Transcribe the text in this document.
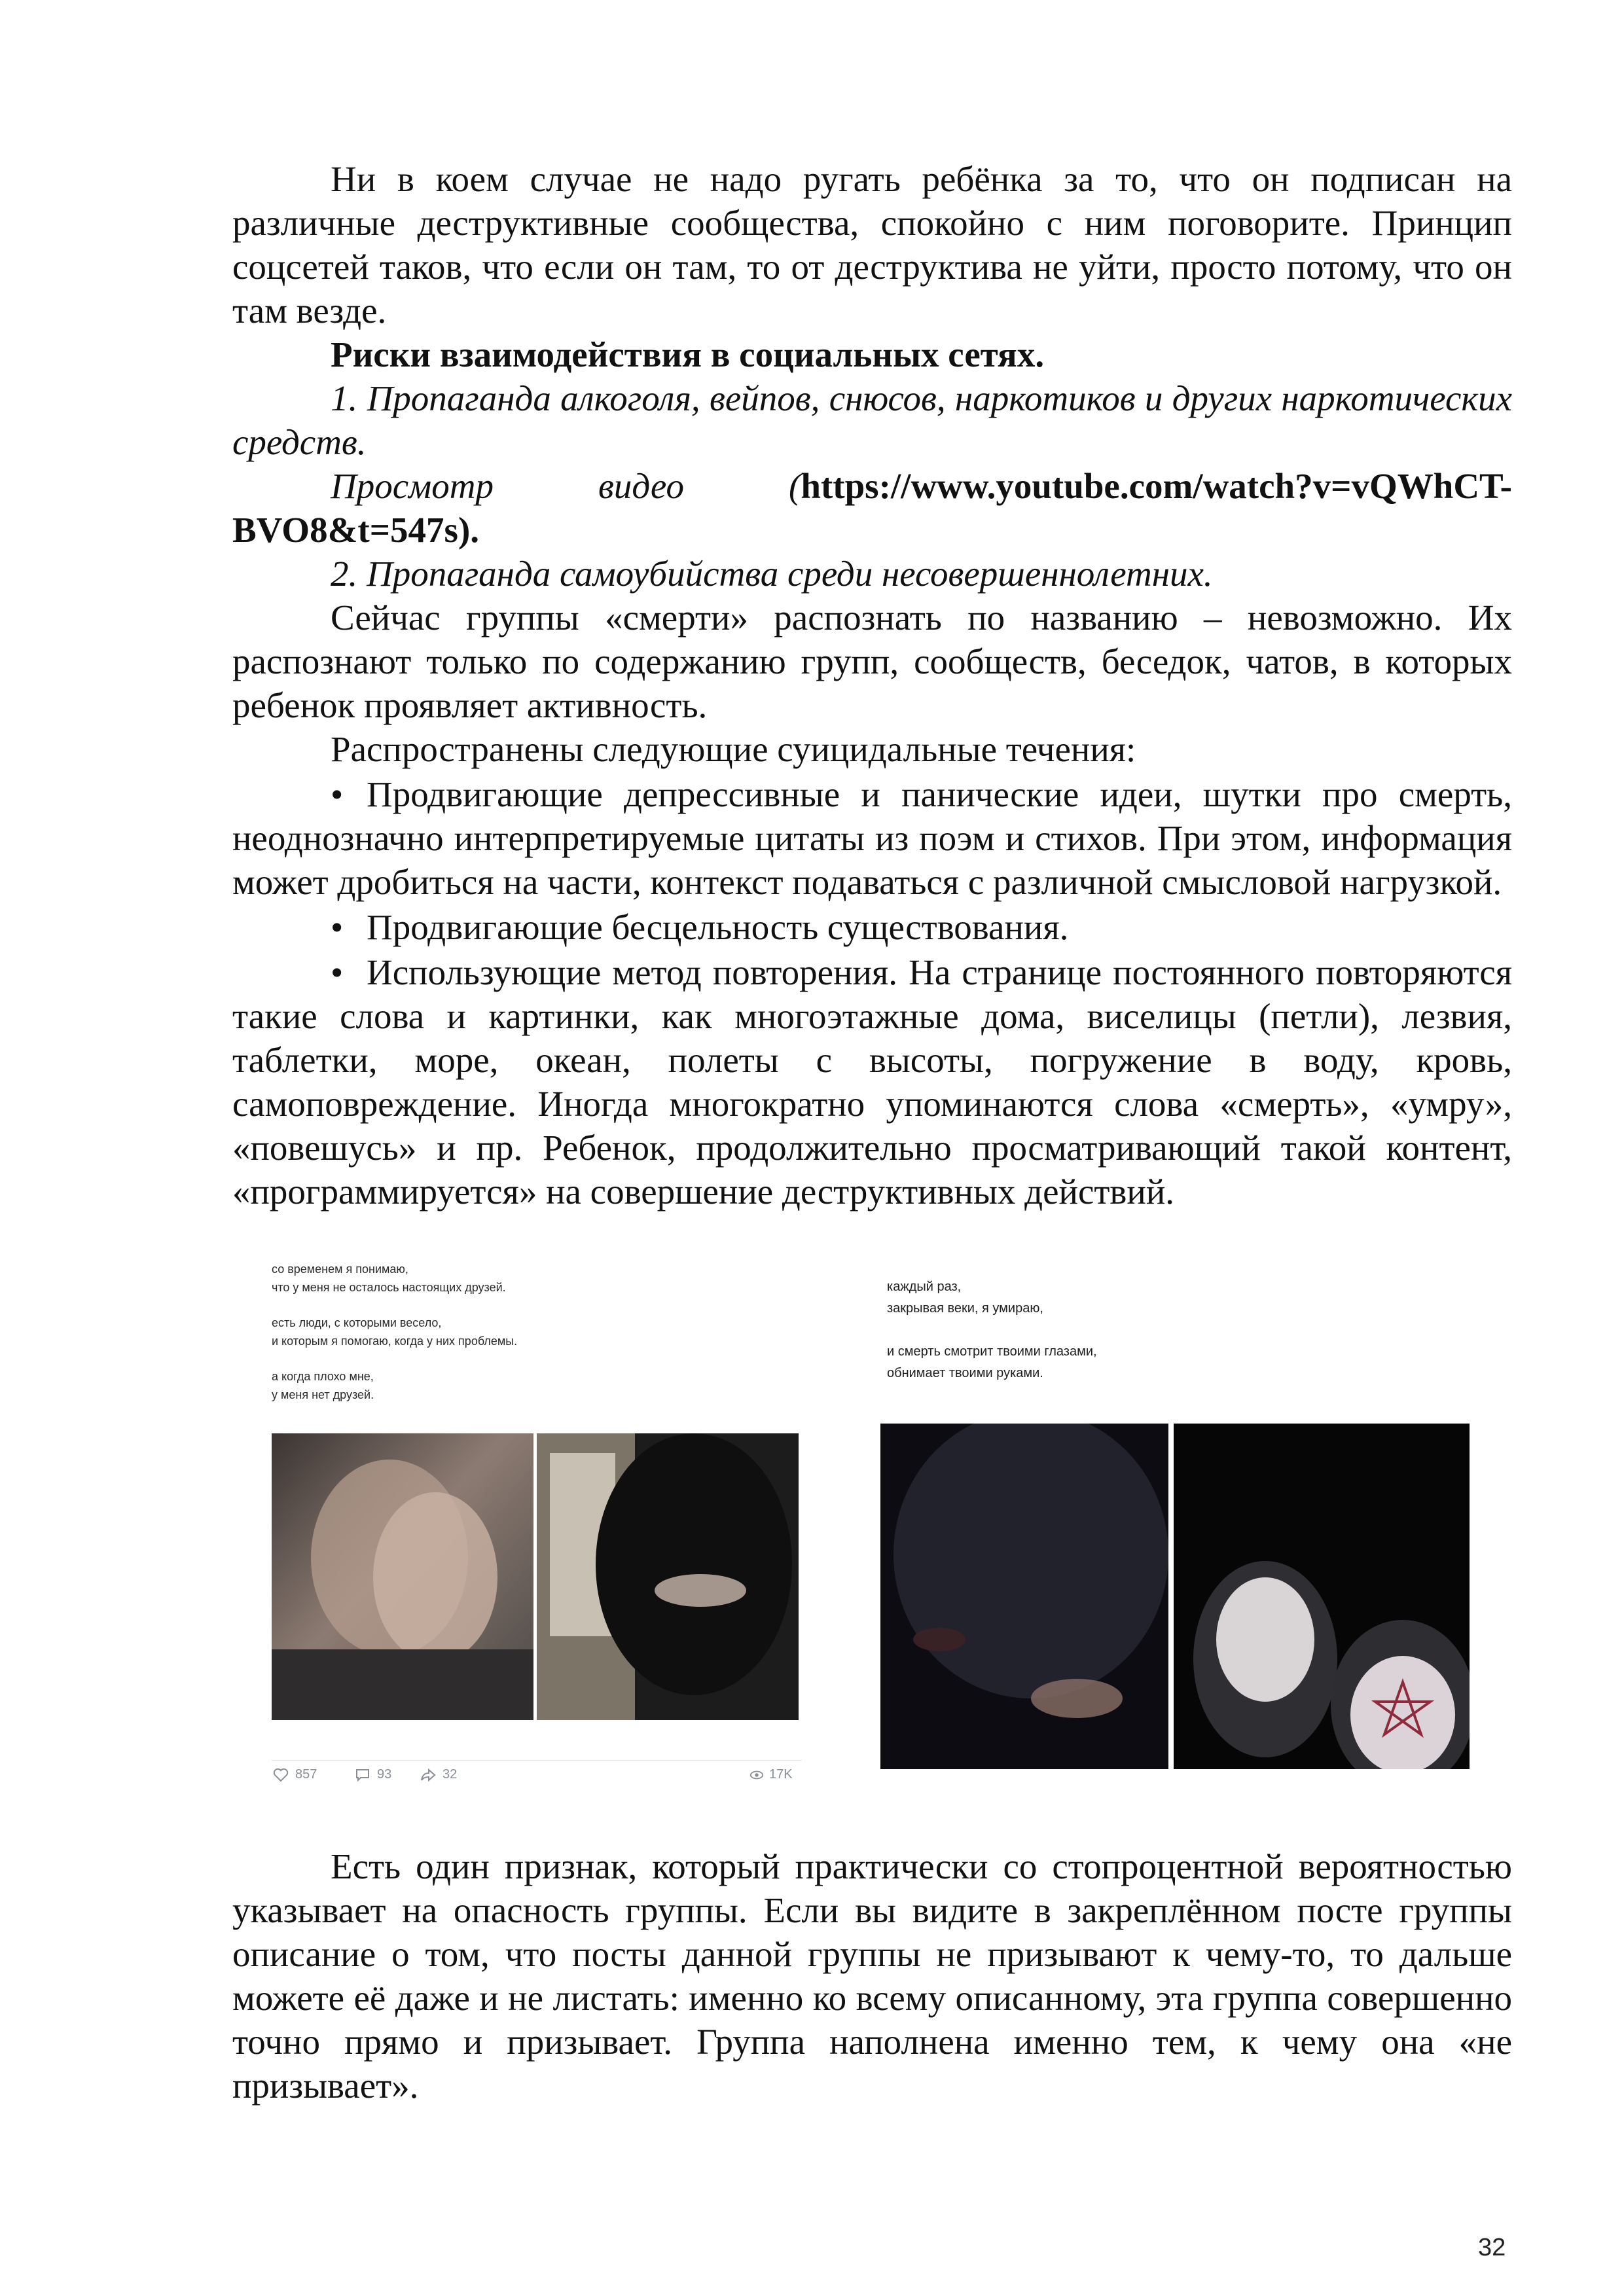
Ни в коем случае не надо ругать ребёнка за то, что он подписан на различные деструктивные сообщества, спокойно с ним поговорите. Принцип соцсетей таков, что если он там, то от деструктива не уйти, просто потому, что он там везде.

Риски взаимодействия в социальных сетях.

1. Пропаганда алкоголя, вейпов, снюсов, наркотиков и других наркотических средств.

Просмотр видео (https://www.youtube.com/watch?v=vQWhCT-BVO8&t=547s).

2. Пропаганда самоубийства среди несовершеннолетних.

Сейчас группы «смерти» распознать по названию – невозможно. Их распознают только по содержанию групп, сообществ, беседок, чатов, в которых ребенок проявляет активность.

Распространены следующие суицидальные течения:

• Продвигающие депрессивные и панические идеи, шутки про смерть, неоднозначно интерпретируемые цитаты из поэм и стихов. При этом, информация может дробиться на части, контекст подаваться с различной смысловой нагрузкой.

• Продвигающие бесцельность существования.

• Использующие метод повторения. На странице постоянного повторяются такие слова и картинки, как многоэтажные дома, виселицы (петли), лезвия, таблетки, море, океан, полеты с высоты, погружение в воду, кровь, самоповреждение. Иногда многократно упоминаются слова «смерть», «умру», «повешусь» и пр. Ребенок, продолжительно просматривающий такой контент, «программируется» на совершение деструктивных действий.

со временем я понимаю,
что у меня не осталось настоящих друзей.
есть люди, с которыми весело,
и которым я помогаю, когда у них проблемы.
а когда плохо мне,
у меня нет друзей.
857	93	32	17K
каждый раз,
закрывая веки, я умираю,
и смерть смотрит твоими глазами,
обнимает твоими руками.

Есть один признак, который практически со стопроцентной вероятностью указывает на опасность группы. Если вы видите в закреплённом посте группы описание о том, что посты данной группы не призывают к чему-то, то дальше можете её даже и не листать: именно ко всему описанному, эта группа совершенно точно прямо и призывает. Группа наполнена именно тем, к чему она «не призывает».

32
